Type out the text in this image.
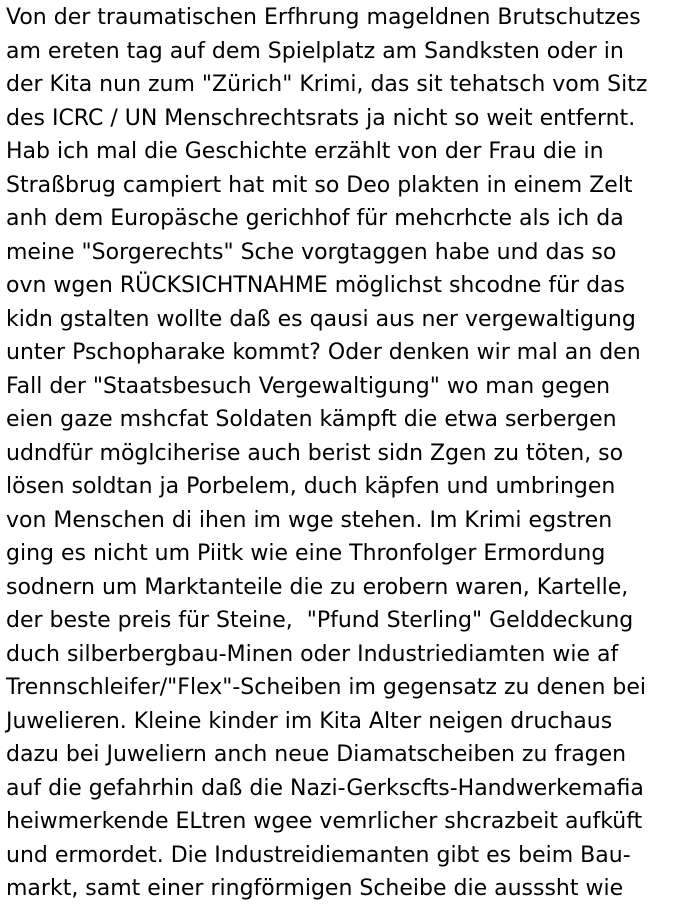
Von der traumatischen Erfhrung mageldnen Brutschutzes
am ereten tag auf dem Spielplatz am Sandksten oder in
der Kita nun zum "Zürich" Krimi, das sit tehatsch vom Sitz
des ICRC / UN Menschrechtsrats ja nicht so weit entfernt.
Hab ich mal die Geschichte erzählt von der Frau die in
Straßbrug campiert hat mit so Deo plakten in einem Zelt
anh dem Europäsche gerichhof für mehcrhcte als ich da
meine "Sorgerechts" Sche vorgtaggen habe und das so
ovn wgen RÜCKSICHTNAHME möglichst shcodne für das
kidn gstalten wollte daß es qausi aus ner vergewaltigung
unter Pschopharake kommt? Oder denken wir mal an den
Fall der "Staatsbesuch Vergewaltigung" wo man gegen
eien gaze mshcfat Soldaten kämpft die etwa serbergen
udndfür möglciherise auch berist sidn Zgen zu töten, so
lösen soldtan ja Porbelem, duch käpfen und umbringen
von Menschen di ihen im wge stehen. Im Krimi egstren
ging es nicht um Piitk wie eine Thronfolger Ermordung
sodnern um Marktanteile die zu erobern waren, Kartelle,
der beste preis für Steine,  "Pfund Sterling" Gelddeckung
duch silberbergbau-Minen oder Industriediamten wie af
Trennschleifer/"Flex"-Scheiben im gegensatz zu denen bei
Juwelieren. Kleine kinder im Kita Alter neigen druchaus
dazu bei Juweliern anch neue Diamatscheiben zu fragen
auf die gefahrhin daß die Nazi-Gerkscfts-Handwerkemafia
heiwmerkende ELtren wgee vemrlicher shcrazbeit aufküft
und ermordet. Die Industreidiemanten gibt es beim Bau-
markt, samt einer ringförmigen Scheibe die ausssht wie
